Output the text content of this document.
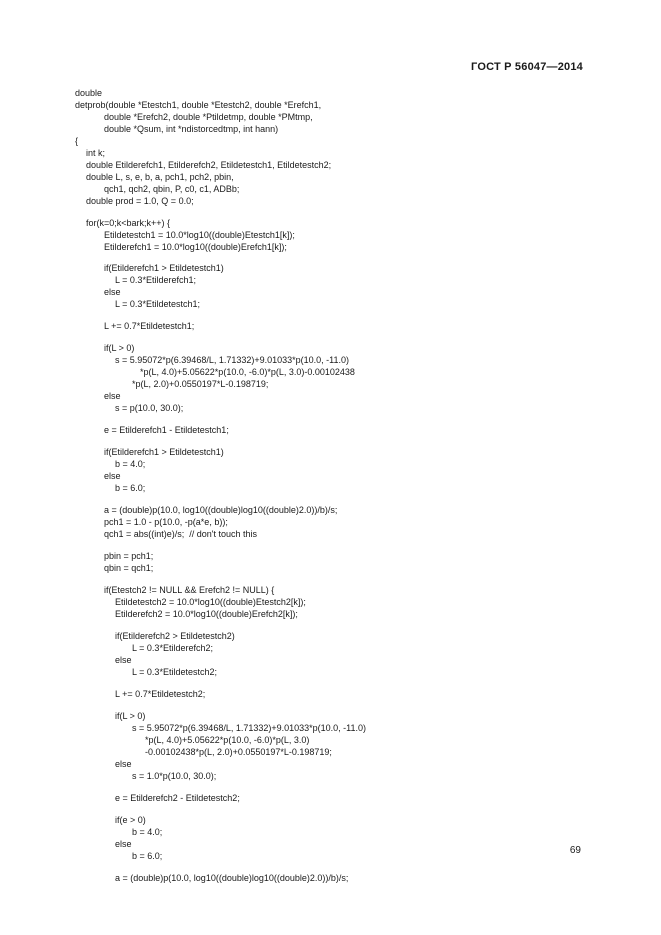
ГОСТ Р 56047—2014
double
detprob(double *Etestch1, double *Etestch2, double *Erefch1,
double *Erefch2, double *Ptildetmp, double *PMtmp,
double *Qsum, int *ndistorcedtmp, int hann)
{
int k;
double Etilderefch1, Etilderefch2, Etildetestch1, Etildetestch2;
double L, s, e, b, a, pch1, pch2, pbin,
qch1, qch2, qbin, P, c0, c1, ADBb;
double prod = 1.0, Q = 0.0;
for(k=0;k<bark;k++) {
Etildetestch1 = 10.0*log10((double)Etestch1[k]);
Etilderefch1 = 10.0*log10((double)Erefch1[k]);
if(Etilderefch1 > Etildetestch1)
L = 0.3*Etilderefch1;
else
L = 0.3*Etildetestch1;
L += 0.7*Etildetestch1;
if(L > 0)
s = 5.95072*p(6.39468/L, 1.71332)+9.01033*p(10.0, -11.0)
*p(L, 4.0)+5.05622*p(10.0, -6.0)*p(L, 3.0)-0.00102438
*p(L, 2.0)+0.0550197*L-0.198719;
else
s = p(10.0, 30.0);
e = Etilderefch1 - Etildetestch1;
if(Etilderefch1 > Etildetestch1)
b = 4.0;
else
b = 6.0;
a = (double)p(10.0, log10((double)log10((double)2.0))/b)/s;
pch1 = 1.0 - p(10.0, -p(a*e, b));
qch1 = abs((int)e)/s;  // don't touch this
pbin = pch1;
qbin = qch1;
if(Etestch2 != NULL && Erefch2 != NULL) {
Etildetestch2 = 10.0*log10((double)Etestch2[k]);
Etilderefch2 = 10.0*log10((double)Erefch2[k]);
if(Etilderefch2 > Etildetestch2)
L = 0.3*Etilderefch2;
else
L = 0.3*Etildetestch2;
L += 0.7*Etildetestch2;
if(L > 0)
s = 5.95072*p(6.39468/L, 1.71332)+9.01033*p(10.0, -11.0)
*p(L, 4.0)+5.05622*p(10.0, -6.0)*p(L, 3.0)
-0.00102438*p(L, 2.0)+0.0550197*L-0.198719;
else
s = 1.0*p(10.0, 30.0);
e = Etilderefch2 - Etildetestch2;
if(e > 0)
b = 4.0;
else
b = 6.0;
a = (double)p(10.0, log10((double)log10((double)2.0))/b)/s;
69
